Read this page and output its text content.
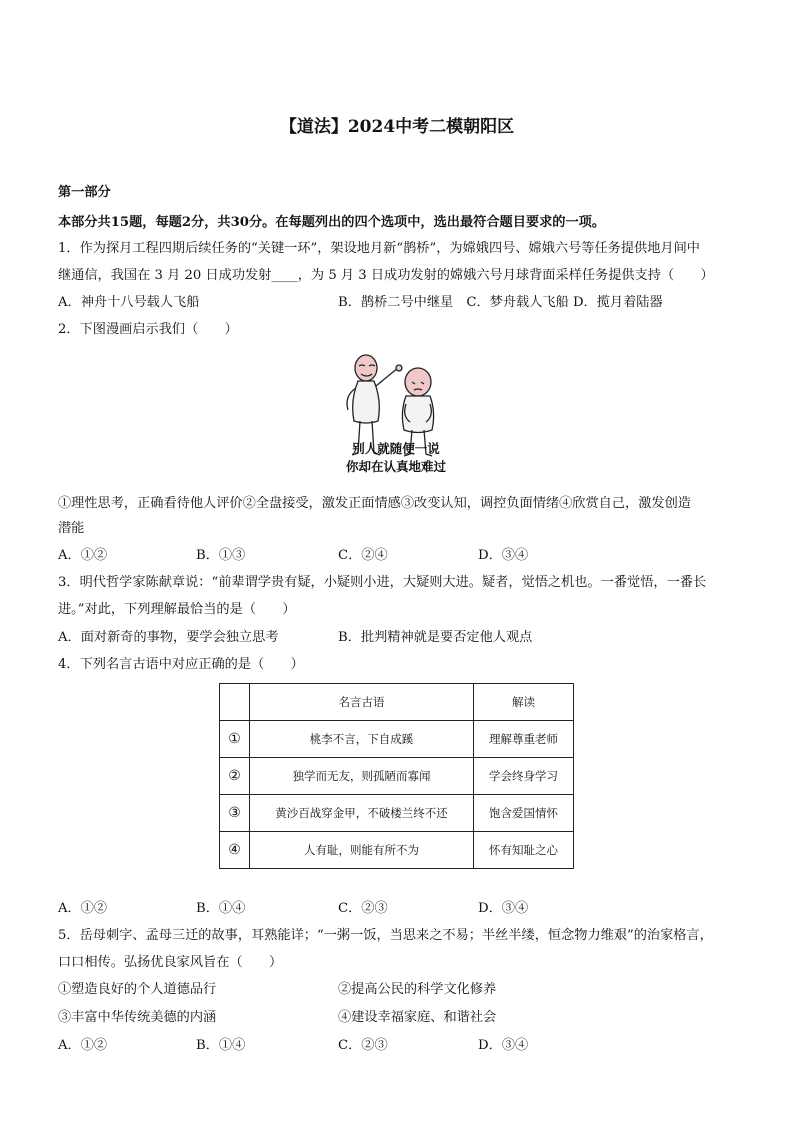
【道法】2024中考二模朝阳区
第一部分
本部分共15题，每题2分，共30分。在每题列出的四个选项中，选出最符合题目要求的一项。
1．作为探月工程四期后续任务的“关键一环”，架设地月新“鹊桥”，为嫦娥四号、嫦娥六号等任务提供地月间中
继通信，我国在 3 月 20 日成功发射____，为 5 月 3 日成功发射的嫦娥六号月球背面采样任务提供支持（　　）
A．神舟十八号载人飞船	B．鹊桥二号中继星　C．梦舟载人飞船 D．揽月着陆器
2．下图漫画启示我们（　　）
别人就随便一说
你却在认真地难过
①理性思考，正确看待他人评价②全盘接受，激发正面情感③改变认知，调控负面情绪④欣赏自己，激发创造
潜能
A．①②	B．①③	C．②④	D．③④
3．明代哲学家陈献章说：“前辈谓学贵有疑，小疑则小进，大疑则大进。疑者，觉悟之机也。一番觉悟，一番长
进。”对此，下列理解最恰当的是（　　）
A．面对新奇的事物，要学会独立思考	B．批判精神就是要否定他人观点
4．下列名言古语中对应正确的是（　　）
	名言古语	解读
①	桃李不言，下自成蹊	理解尊重老师
②	独学而无友，则孤陋而寡闻	学会终身学习
③	黄沙百战穿金甲，不破楼兰终不还	饱含爱国情怀
④	人有耻，则能有所不为	怀有知耻之心
A．①②	B．①④	C．②③	D．③④
5．岳母刺字、孟母三迁的故事，耳熟能详；“一粥一饭，当思来之不易；半丝半缕，恒念物力维艰”的治家格言，
口口相传。弘扬优良家风旨在（　　）
①塑造良好的个人道德品行	②提高公民的科学文化修养
③丰富中华传统美德的内涵	④建设幸福家庭、和谐社会
A．①②	B．①④	C．②③	D．③④
